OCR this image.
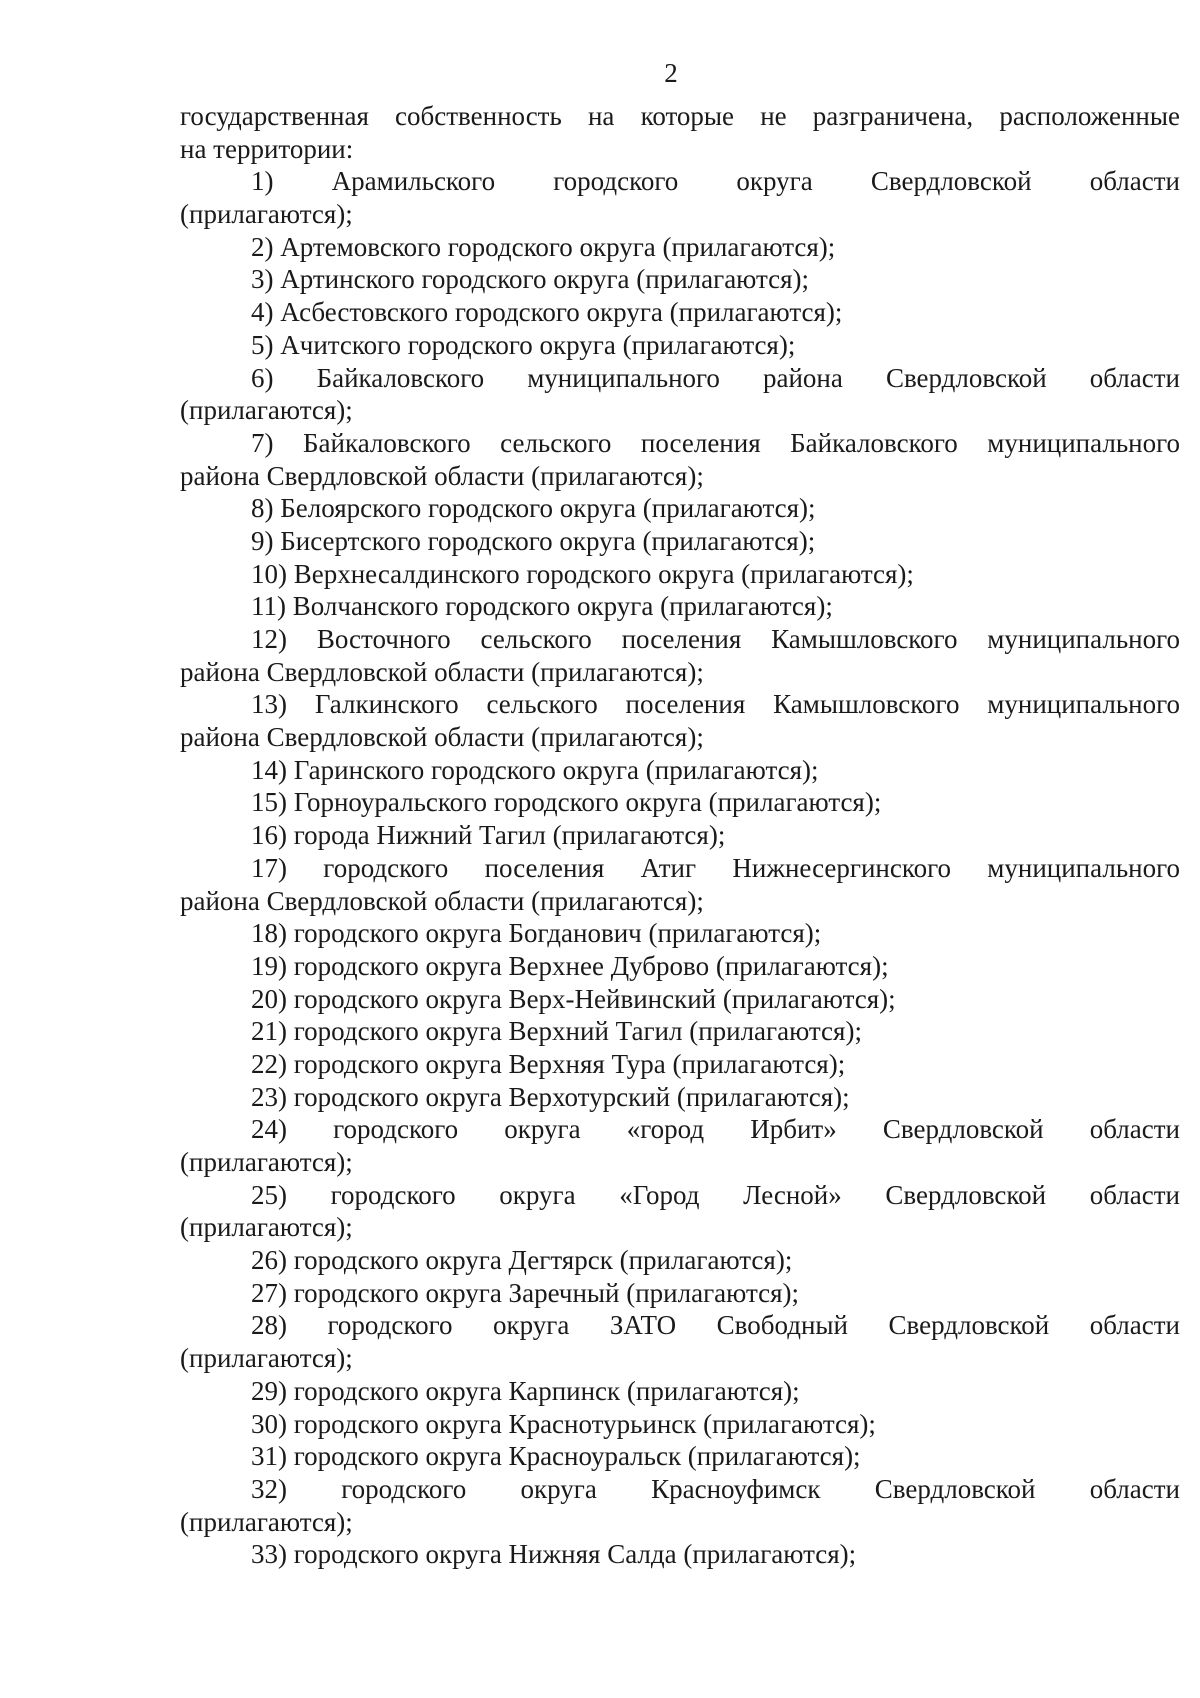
2
государственная собственность на которые не разграничена, расположенные
на территории:
1) Арамильского городского округа Свердловской области
(прилагаются);
2) Артемовского городского округа (прилагаются);
3) Артинского городского округа (прилагаются);
4) Асбестовского городского округа (прилагаются);
5) Ачитского городского округа (прилагаются);
6) Байкаловского муниципального района Свердловской области
(прилагаются);
7) Байкаловского сельского поселения Байкаловского муниципального
района Свердловской области (прилагаются);
8) Белоярского городского округа (прилагаются);
9) Бисертского городского округа (прилагаются);
10) Верхнесалдинского городского округа (прилагаются);
11) Волчанского городского округа (прилагаются);
12) Восточного сельского поселения Камышловского муниципального
района Свердловской области (прилагаются);
13) Галкинского сельского поселения Камышловского муниципального
района Свердловской области (прилагаются);
14) Гаринского городского округа (прилагаются);
15) Горноуральского городского округа (прилагаются);
16) города Нижний Тагил (прилагаются);
17) городского поселения Атиг Нижнесергинского муниципального
района Свердловской области (прилагаются);
18) городского округа Богданович (прилагаются);
19) городского округа Верхнее Дуброво (прилагаются);
20) городского округа Верх-Нейвинский (прилагаются);
21) городского округа Верхний Тагил (прилагаются);
22) городского округа Верхняя Тура (прилагаются);
23) городского округа Верхотурский (прилагаются);
24) городского округа «город Ирбит» Свердловской области
(прилагаются);
25) городского округа «Город Лесной» Свердловской области
(прилагаются);
26) городского округа Дегтярск (прилагаются);
27) городского округа Заречный (прилагаются);
28) городского округа ЗАТО Свободный Свердловской области
(прилагаются);
29) городского округа Карпинск (прилагаются);
30) городского округа Краснотурьинск (прилагаются);
31) городского округа Красноуральск (прилагаются);
32) городского округа Красноуфимск Свердловской области
(прилагаются);
33) городского округа Нижняя Салда (прилагаются);
